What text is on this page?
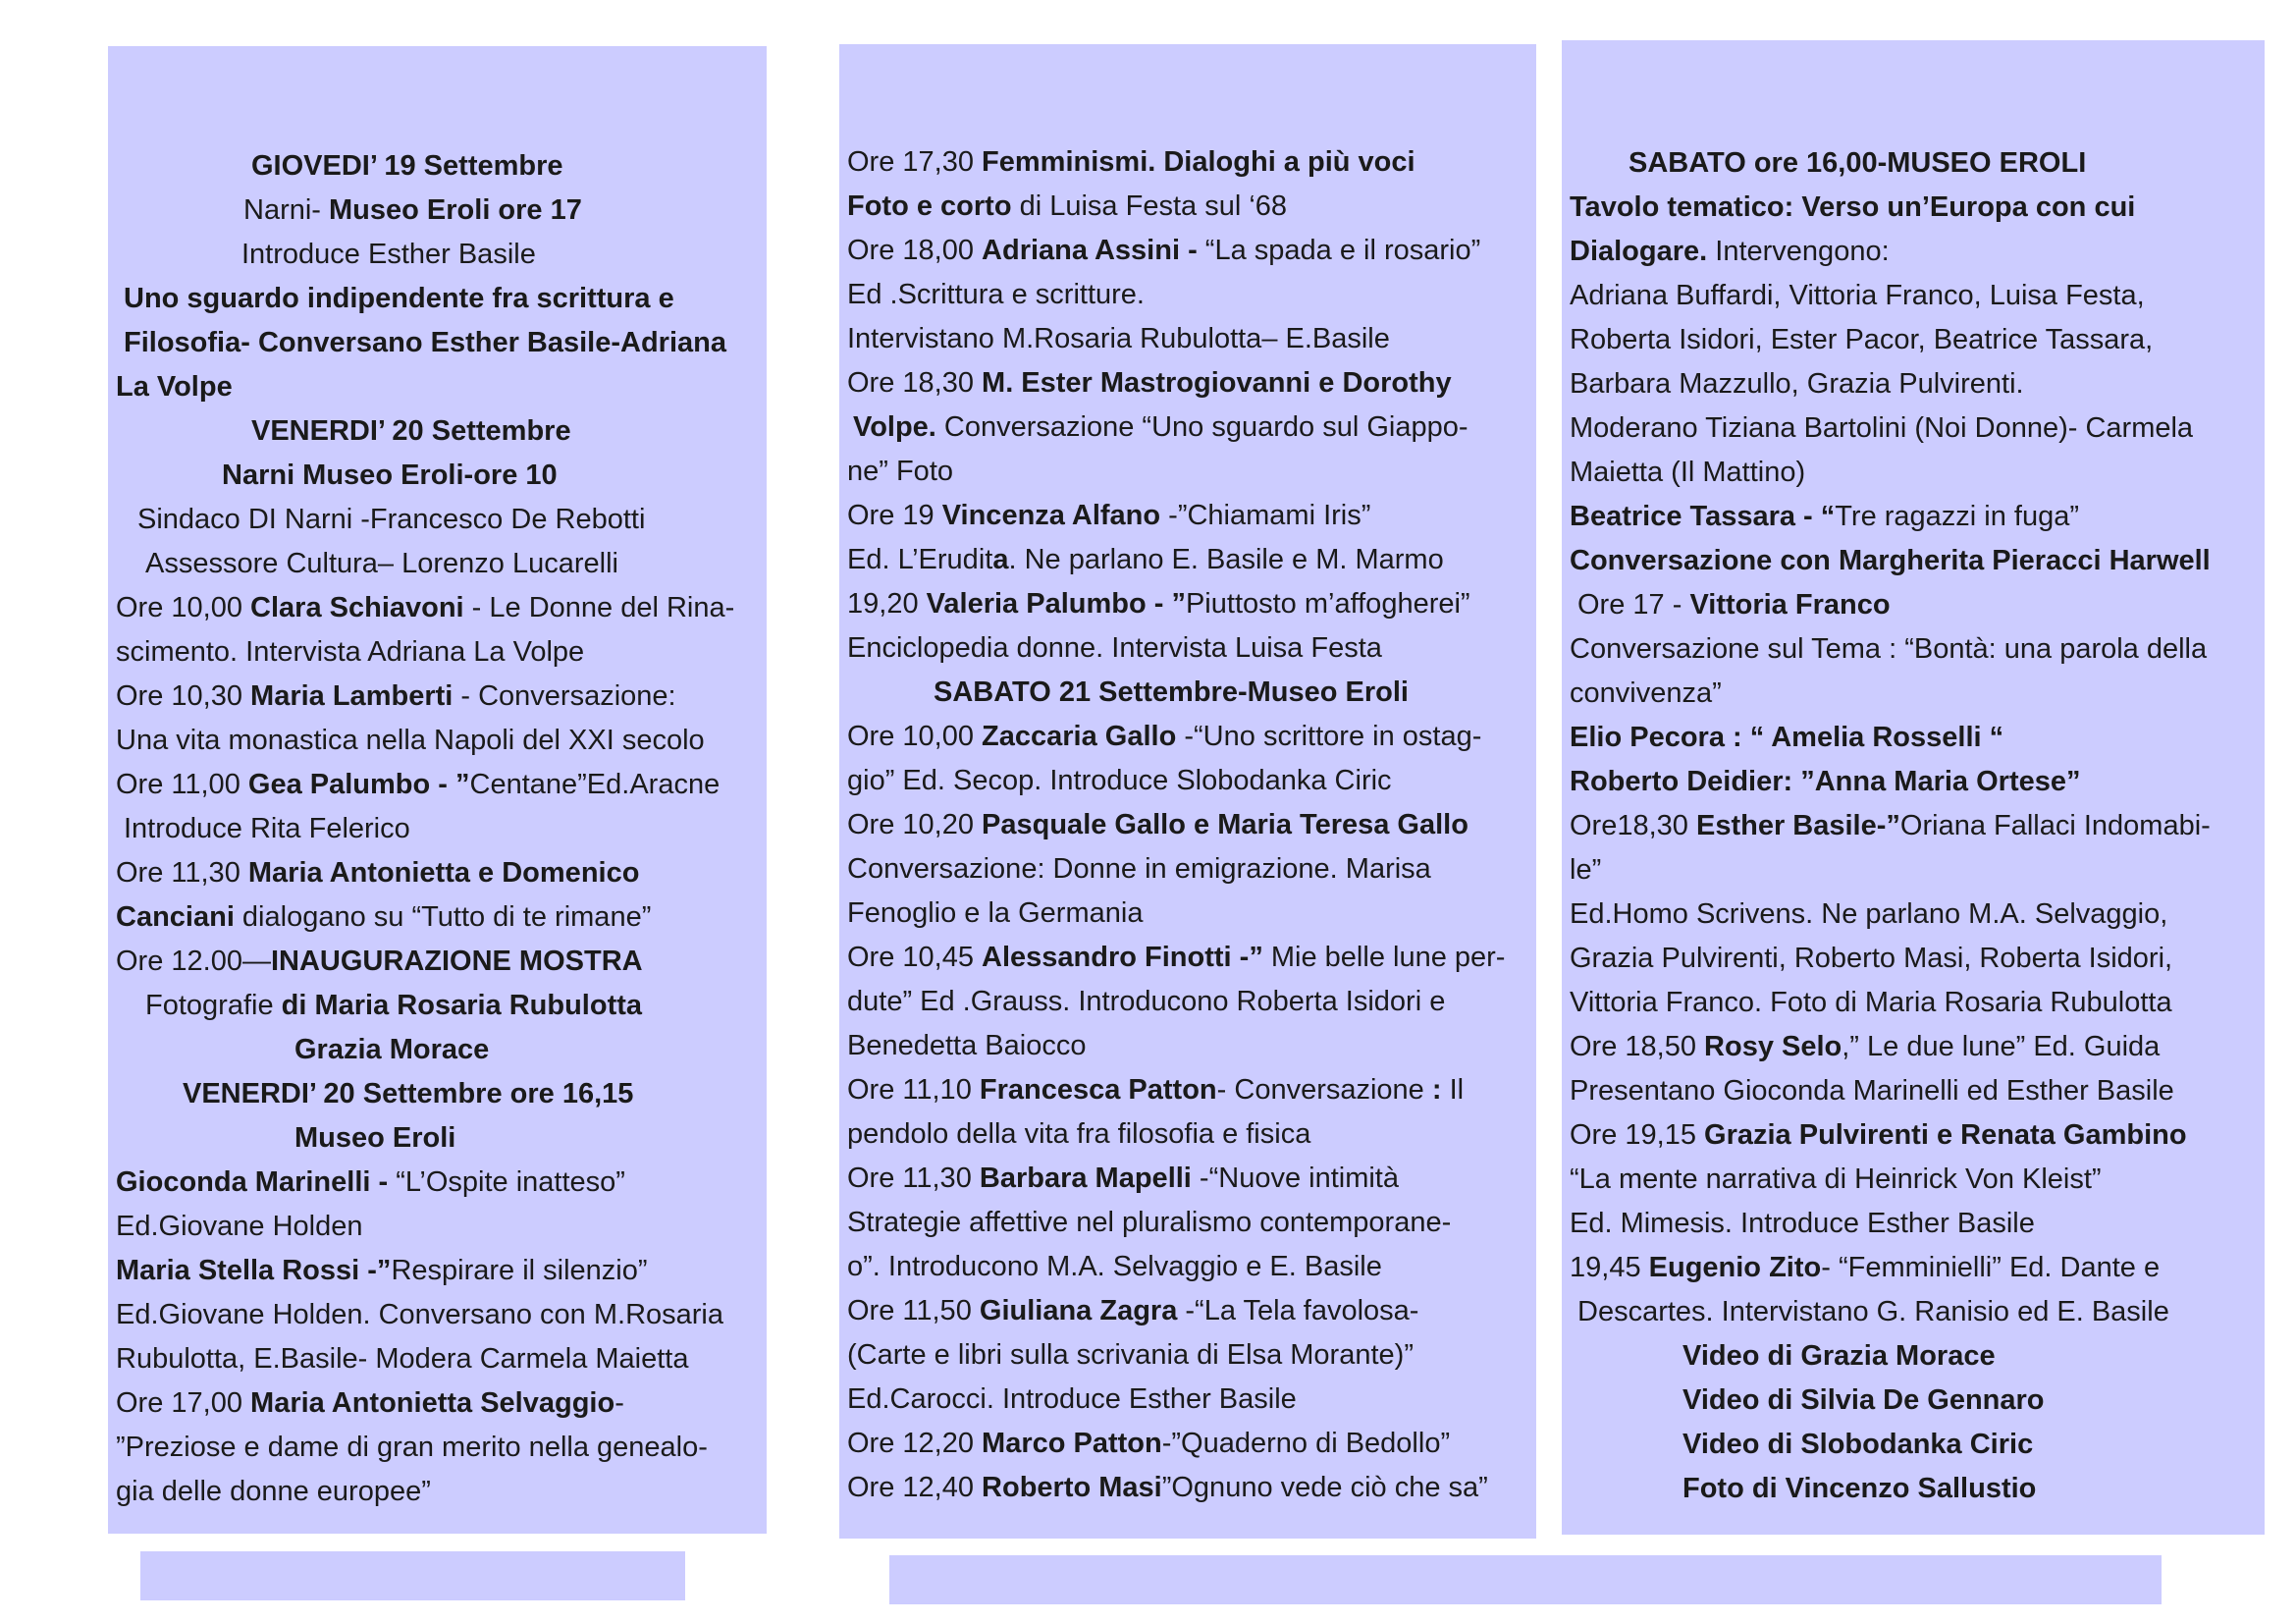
GIOVEDI’ 19 Settembre
Narni- Museo Eroli ore 17
Introduce Esther Basile
Uno sguardo indipendente fra scrittura e
Filosofia- Conversano Esther Basile-Adriana
La Volpe
VENERDI’ 20 Settembre
Narni Museo Eroli-ore 10
Sindaco DI Narni -Francesco De Rebotti
Assessore Cultura– Lorenzo Lucarelli
Ore 10,00 Clara Schiavoni - Le Donne del Rina-
scimento. Intervista Adriana La Volpe
Ore 10,30 Maria Lamberti - Conversazione:
Una vita monastica nella Napoli del XXI secolo
Ore 11,00 Gea Palumbo - ”Centane”Ed.Aracne
Introduce Rita Felerico
Ore 11,30 Maria Antonietta e Domenico
Canciani dialogano su “Tutto di te rimane”
Ore 12.00—INAUGURAZIONE MOSTRA
Fotografie di Maria Rosaria Rubulotta
Grazia Morace
VENERDI’ 20 Settembre ore 16,15
Museo Eroli
Gioconda Marinelli - “L’Ospite inatteso”
Ed.Giovane Holden
Maria Stella Rossi -”Respirare il silenzio”
Ed.Giovane Holden. Conversano con M.Rosaria
Rubulotta, E.Basile- Modera Carmela Maietta
Ore 17,00 Maria Antonietta Selvaggio-
”Preziose e dame di gran merito nella genealo-
gia delle donne europee”
Ore 17,30 Femminismi. Dialoghi a più voci
Foto e corto di Luisa Festa sul ‘68
Ore 18,00 Adriana Assini - “La spada e il rosario”
Ed .Scrittura e scritture.
Intervistano M.Rosaria Rubulotta– E.Basile
Ore 18,30 M. Ester Mastrogiovanni e Dorothy
Volpe. Conversazione “Uno sguardo sul Giappo-
ne” Foto
Ore 19 Vincenza Alfano -”Chiamami Iris”
Ed. L’Erudita. Ne parlano E. Basile e M. Marmo
19,20 Valeria Palumbo - ”Piuttosto m’affogherei”
Enciclopedia donne. Intervista Luisa Festa
SABATO 21 Settembre-Museo Eroli
Ore 10,00 Zaccaria Gallo -“Uno scrittore in ostag-
gio” Ed. Secop. Introduce Slobodanka Ciric
Ore 10,20 Pasquale Gallo e Maria Teresa Gallo
Conversazione: Donne in emigrazione. Marisa
Fenoglio e la Germania
Ore 10,45 Alessandro Finotti -” Mie belle lune per-
dute” Ed .Grauss. Introducono Roberta Isidori e
Benedetta Baiocco
Ore 11,10 Francesca Patton- Conversazione : Il
pendolo della vita fra filosofia e fisica
Ore 11,30 Barbara Mapelli -“Nuove intimità
Strategie affettive nel pluralismo contemporane-
o”. Introducono M.A. Selvaggio e E. Basile
Ore 11,50 Giuliana Zagra -“La Tela favolosa-
(Carte e libri sulla scrivania di Elsa Morante)”
Ed.Carocci. Introduce Esther Basile
Ore 12,20 Marco Patton-”Quaderno di Bedollo”
Ore 12,40 Roberto Masi”Ognuno vede ciò che sa”
SABATO ore 16,00-MUSEO EROLI
Tavolo tematico: Verso un’Europa con cui
Dialogare. Intervengono:
Adriana Buffardi, Vittoria Franco, Luisa Festa,
Roberta Isidori, Ester Pacor, Beatrice Tassara,
Barbara Mazzullo, Grazia Pulvirenti.
Moderano Tiziana Bartolini (Noi Donne)- Carmela
Maietta (Il Mattino)
Beatrice Tassara - “Tre ragazzi in fuga”
Conversazione con Margherita Pieracci Harwell
Ore 17 - Vittoria Franco
Conversazione sul Tema : “Bontà: una parola della
convivenza”
Elio Pecora : “ Amelia Rosselli “
Roberto Deidier: ”Anna Maria Ortese”
Ore18,30 Esther Basile-”Oriana Fallaci Indomabi-
le”
Ed.Homo Scrivens. Ne parlano M.A. Selvaggio,
Grazia Pulvirenti, Roberto Masi, Roberta Isidori,
Vittoria Franco. Foto di Maria Rosaria Rubulotta
Ore 18,50 Rosy Selo,” Le due lune” Ed. Guida
Presentano Gioconda Marinelli ed Esther Basile
Ore 19,15 Grazia Pulvirenti e Renata Gambino
“La mente narrativa di Heinrick Von Kleist”
Ed. Mimesis. Introduce Esther Basile
19,45 Eugenio Zito- “Femminielli” Ed. Dante e
Descartes. Intervistano G. Ranisio ed E. Basile
Video di Grazia Morace
Video di Silvia De Gennaro
Video di Slobodanka Ciric
Foto di Vincenzo Sallustio
